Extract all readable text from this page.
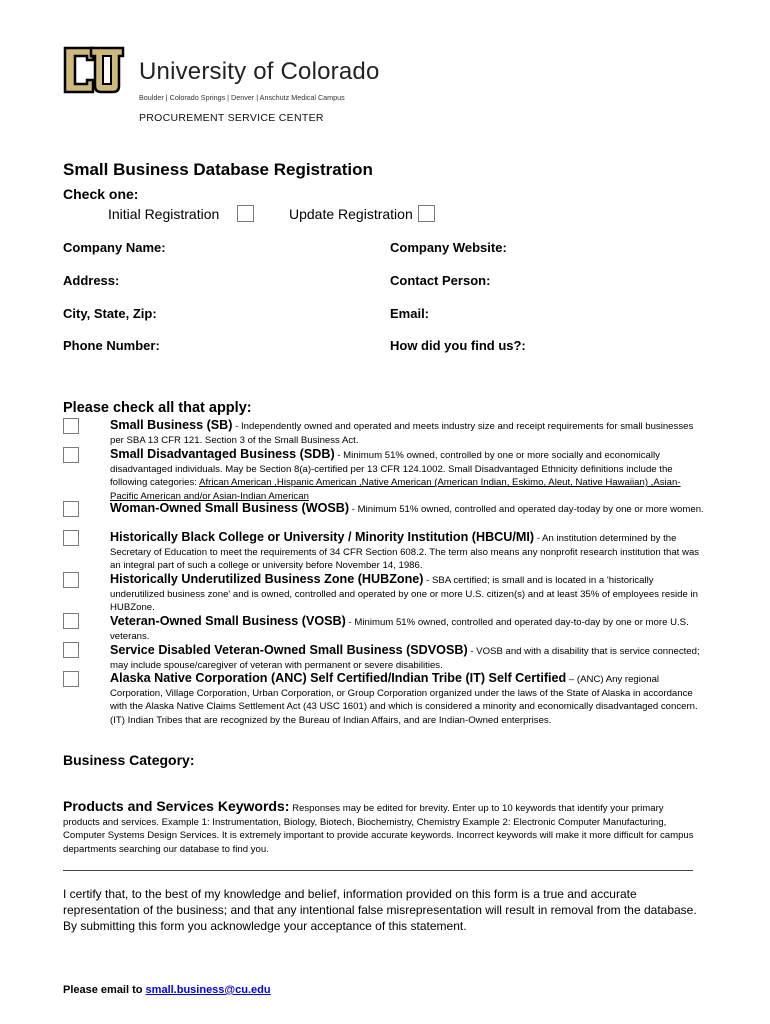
University of Colorado
Boulder | Colorado Springs | Denver | Anschutz Medical Campus
PROCUREMENT SERVICE CENTER
Small Business Database Registration
Check one:
Initial Registration	Update Registration
Company Name:	Company Website:
Address:	Contact Person:
City, State, Zip:	Email:
Phone Number:	How did you find us?:
Please check all that apply:
Small Business (SB) - Independently owned and operated and meets industry size and receipt requirements for small businesses per SBA 13 CFR 121. Section 3 of the Small Business Act.
Small Disadvantaged Business (SDB) - Minimum 51% owned, controlled by one or more socially and economically disadvantaged individuals. May be Section 8(a)-certified per 13 CFR 124.1002. Small Disadvantaged Ethnicity definitions include the following categories: African American ,Hispanic American ,Native American (American Indian, Eskimo, Aleut, Native Hawaiian) ,Asian-Pacific American and/or Asian-Indian American
Woman-Owned Small Business (WOSB) - Minimum 51% owned, controlled and operated day-today by one or more women.
Historically Black College or University / Minority Institution (HBCU/MI) - An institution determined by the Secretary of Education to meet the requirements of 34 CFR Section 608.2. The term also means any nonprofit research institution that was an integral part of such a college or university before November 14, 1986.
Historically Underutilized Business Zone (HUBZone) - SBA certified; is small and is located in a 'historically underutilized business zone' and is owned, controlled and operated by one or more U.S. citizen(s) and at least 35% of employees reside in HUBZone.
Veteran-Owned Small Business (VOSB) - Minimum 51% owned, controlled and operated day-to-day by one or more U.S. veterans.
Service Disabled Veteran-Owned Small Business (SDVOSB) - VOSB and with a disability that is service connected; may include spouse/caregiver of veteran with permanent or severe disabilities.
Alaska Native Corporation (ANC) Self Certified/Indian Tribe (IT) Self Certified – (ANC) Any regional Corporation, Village Corporation, Urban Corporation, or Group Corporation organized under the laws of the State of Alaska in accordance with the Alaska Native Claims Settlement Act (43 USC 1601) and which is considered a minority and economically disadvantaged concern. (IT) Indian Tribes that are recognized by the Bureau of Indian Affairs, and are Indian-Owned enterprises.
Business Category:
Products and Services Keywords: Responses may be edited for brevity. Enter up to 10 keywords that identify your primary products and services. Example 1: Instrumentation, Biology, Biotech, Biochemistry, Chemistry Example 2: Electronic Computer Manufacturing, Computer Systems Design Services. It is extremely important to provide accurate keywords. Incorrect keywords will make it more difficult for campus departments searching our database to find you.
I certify that, to the best of my knowledge and belief, information provided on this form is a true and accurate representation of the business; and that any intentional false misrepresentation will result in removal from the database. By submitting this form you acknowledge your acceptance of this statement.
Please email to small.business@cu.edu
